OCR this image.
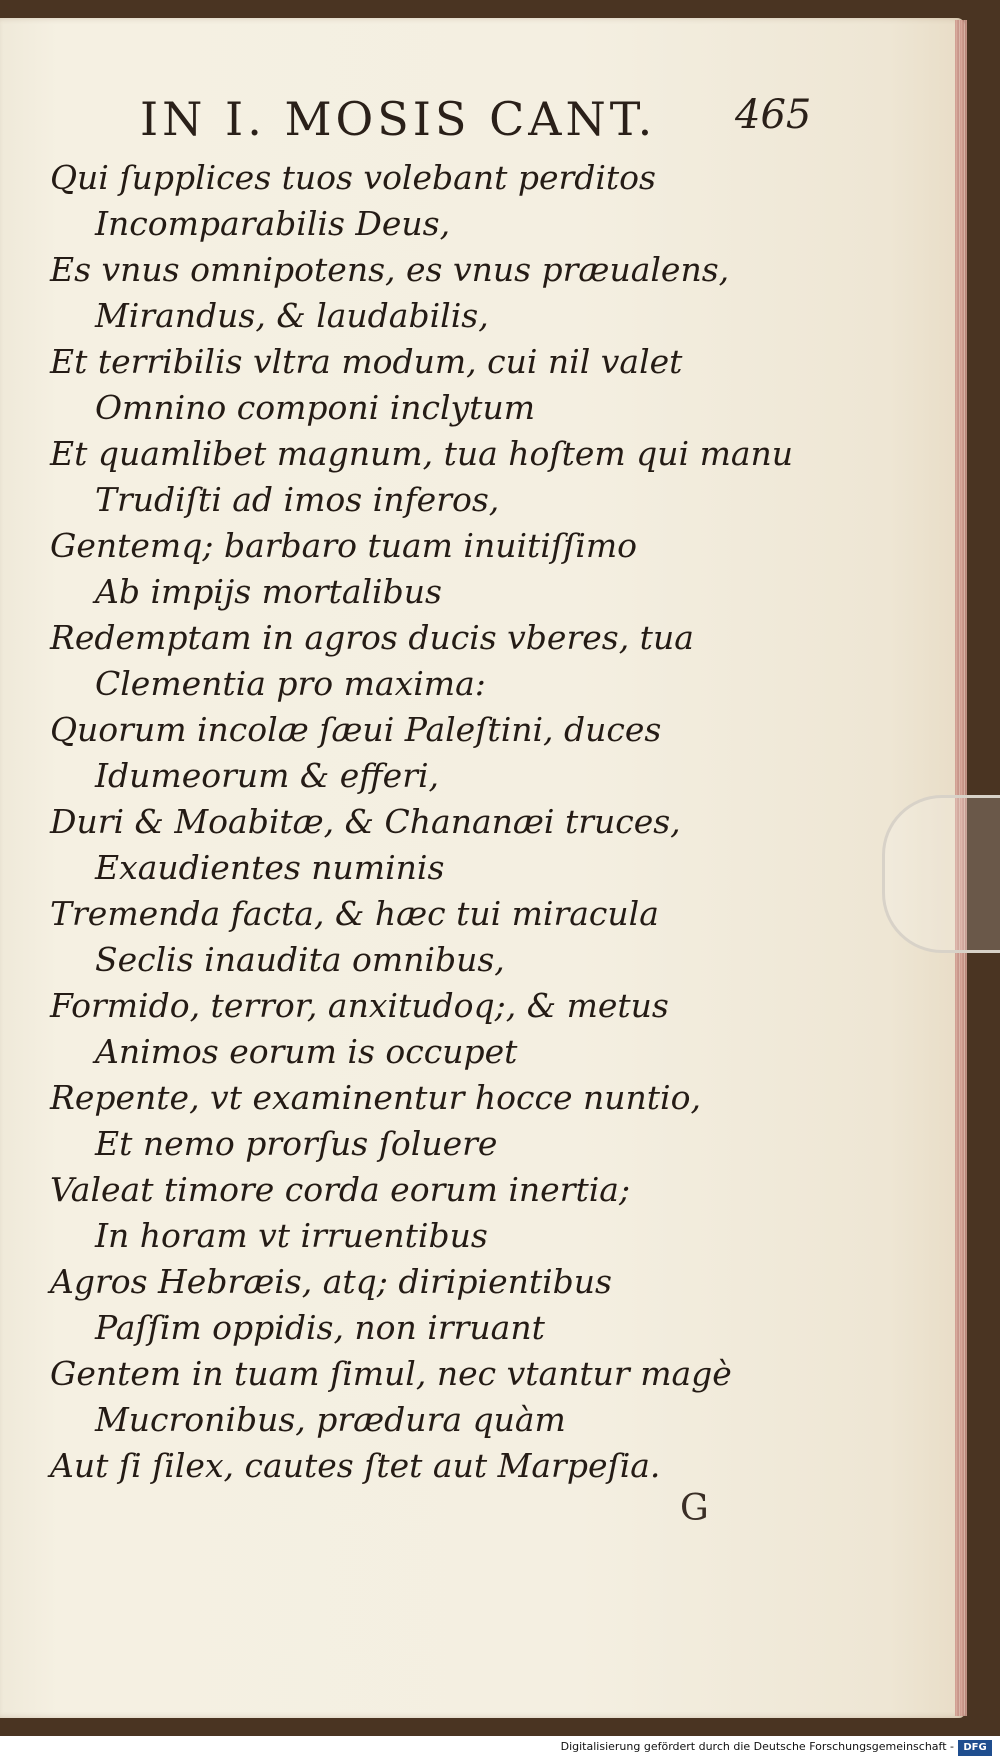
IN I. MOSIS CANT. 465
Qui ſupplices tuos volebant perditos
Incomparabilis Deus,
Es vnus omnipotens, es vnus præualens,
Mirandus, & laudabilis,
Et terribilis vltra modum, cui nil valet
Omnino componi inclytum
Et quamlibet magnum, tua hoſtem qui manu
Trudiſti ad imos inferos,
Gentemq; barbaro tuam inuitiſſimo
Ab impijs mortalibus
Redemptam in agros ducis vberes, tua
Clementia pro maxima:
Quorum incolæ ſæui Paleſtini, duces
Idumeorum & efferi,
Duri & Moabitæ, & Chananæi truces,
Exaudientes numinis
Tremenda facta, & hæc tui miracula
Seclis inaudita omnibus,
Formido, terror, anxitudoq;, & metus
Animos eorum is occupet
Repente, vt examinentur hocce nuntio,
Et nemo prorſus ſoluere
Valeat timore corda eorum inertia;
In horam vt irruentibus
Agros Hebræis, atq; diripientibus
Paſſim oppidis, non irruant
Gentem in tuam ſimul, nec vtantur magè
Mucronibus, prædura quàm
Aut ſi ſilex, cautes ſtet aut Marpeſia.
G
Digitalisierung gefördert durch die Deutsche Forschungsgemeinschaft - DFG
